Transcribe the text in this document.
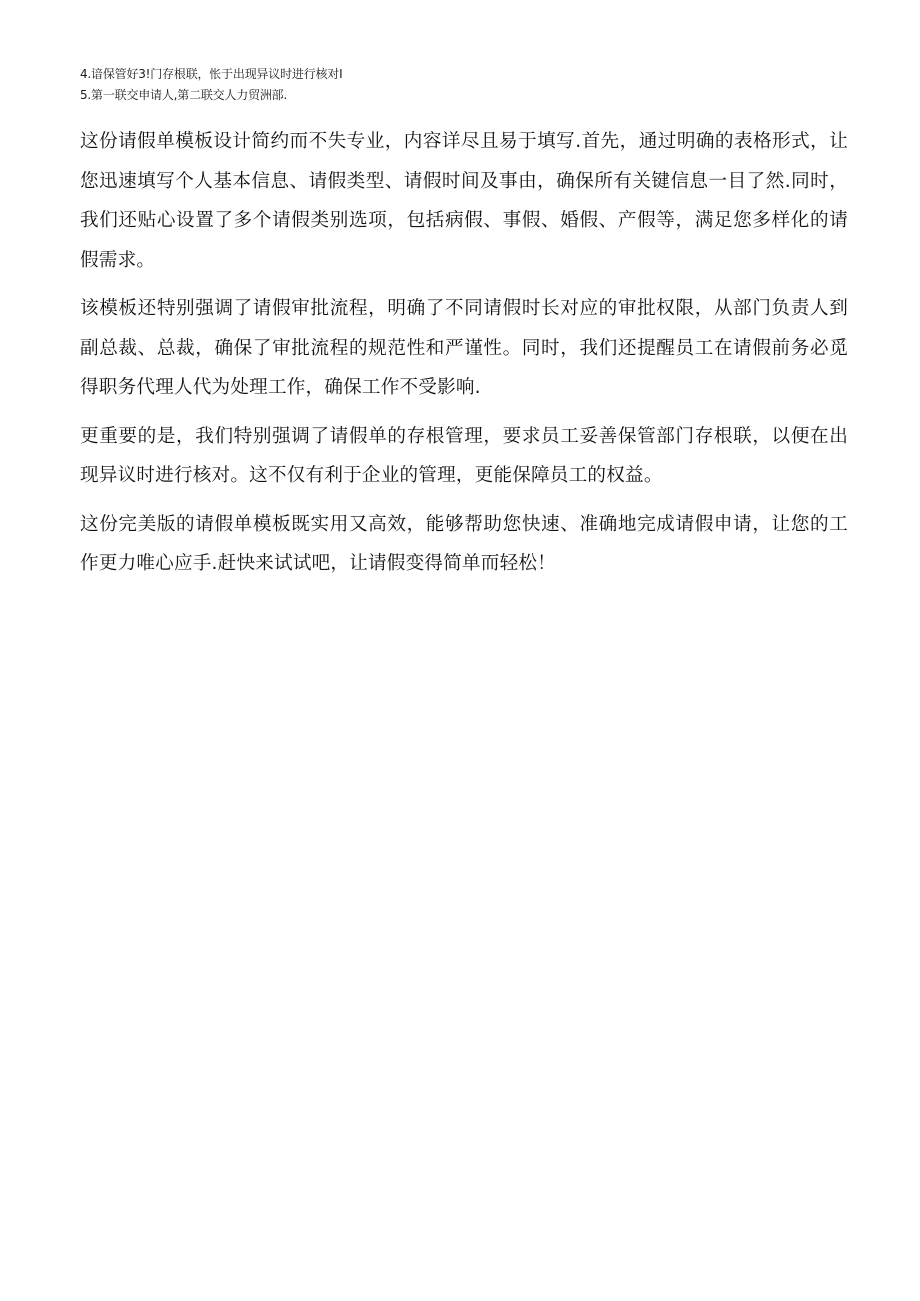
4.谙保管好3!门存根联，怅于出现异议时进行核对I
5.第一联交申请人,第二联交人力贸洲部.

这份请假单模板设计简约而不失专业，内容详尽且易于填写.首先，通过明确的表格形式，让您迅速填写个人基本信息、请假类型、请假时间及事由，确保所有关键信息一目了然.同时，我们还贴心设置了多个请假类别选项，包括病假、事假、婚假、产假等，满足您多样化的请假需求。

该模板还特别强调了请假审批流程，明确了不同请假时长对应的审批权限，从部门负责人到副总裁、总裁，确保了审批流程的规范性和严谨性。同时，我们还提醒员工在请假前务必觅得职务代理人代为处理工作，确保工作不受影响.

更重要的是，我们特别强调了请假单的存根管理，要求员工妥善保管部门存根联，以便在出现异议时进行核对。这不仅有利于企业的管理，更能保障员工的权益。

这份完美版的请假单模板既实用又高效，能够帮助您快速、准确地完成请假申请，让您的工作更力唯心应手.赶快来试试吧，让请假变得简单而轻松！
